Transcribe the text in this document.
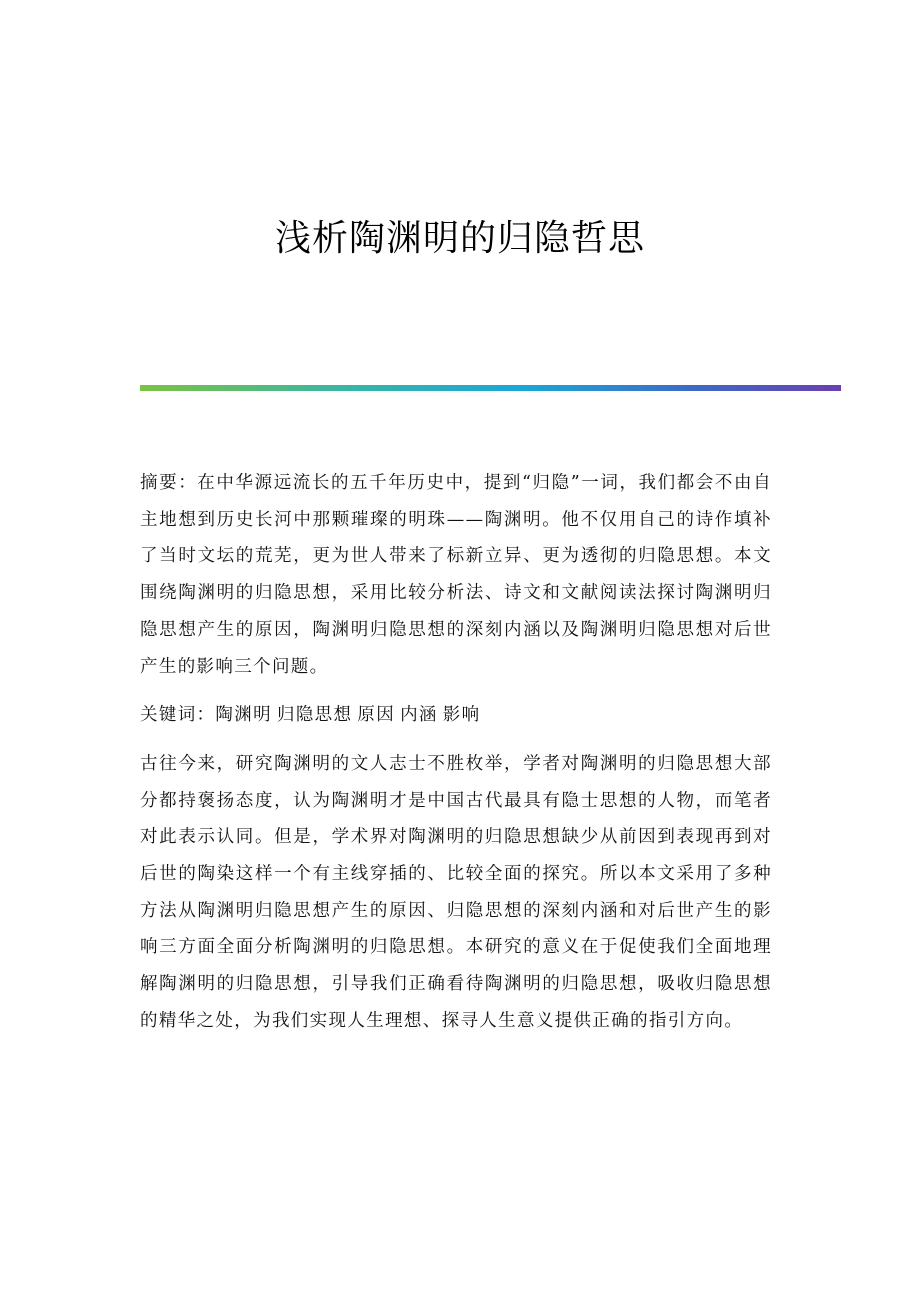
浅析陶渊明的归隐哲思

摘要：在中华源远流长的五千年历史中，提到“归隐”一词，我们都会不由自主地想到历史长河中那颗璀璨的明珠——陶渊明。他不仅用自己的诗作填补了当时文坛的荒芜，更为世人带来了标新立异、更为透彻的归隐思想。本文围绕陶渊明的归隐思想，采用比较分析法、诗文和文献阅读法探讨陶渊明归隐思想产生的原因，陶渊明归隐思想的深刻内涵以及陶渊明归隐思想对后世产生的影响三个问题。

关键词：陶渊明 归隐思想 原因 内涵 影响

古往今来，研究陶渊明的文人志士不胜枚举，学者对陶渊明的归隐思想大部分都持褒扬态度，认为陶渊明才是中国古代最具有隐士思想的人物，而笔者对此表示认同。但是，学术界对陶渊明的归隐思想缺少从前因到表现再到对后世的陶染这样一个有主线穿插的、比较全面的探究。所以本文采用了多种方法从陶渊明归隐思想产生的原因、归隐思想的深刻内涵和对后世产生的影响三方面全面分析陶渊明的归隐思想。本研究的意义在于促使我们全面地理解陶渊明的归隐思想，引导我们正确看待陶渊明的归隐思想，吸收归隐思想的精华之处，为我们实现人生理想、探寻人生意义提供正确的指引方向。
